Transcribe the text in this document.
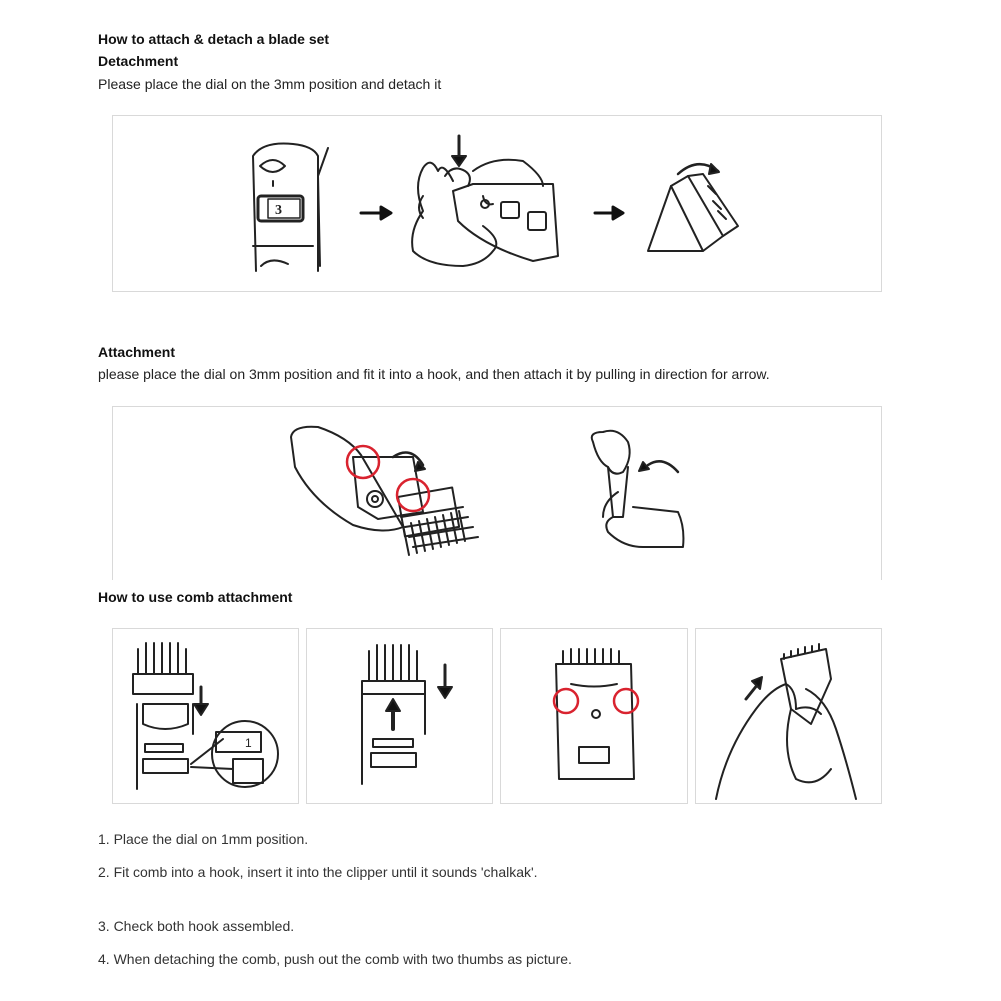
How to attach & detach a blade set
Detachment
Please place the dial on the 3mm position and detach it
3
Attachment
please place the dial on 3mm position and fit it into a hook, and then attach it by pulling in direction for arrow.
How to use comb attachment
1
1. Place the dial on 1mm position.
2. Fit comb into a hook, insert it into the clipper until it sounds 'chalkak'.
3. Check both hook assembled.
4. When detaching the comb, push out the comb with two thumbs as picture.
